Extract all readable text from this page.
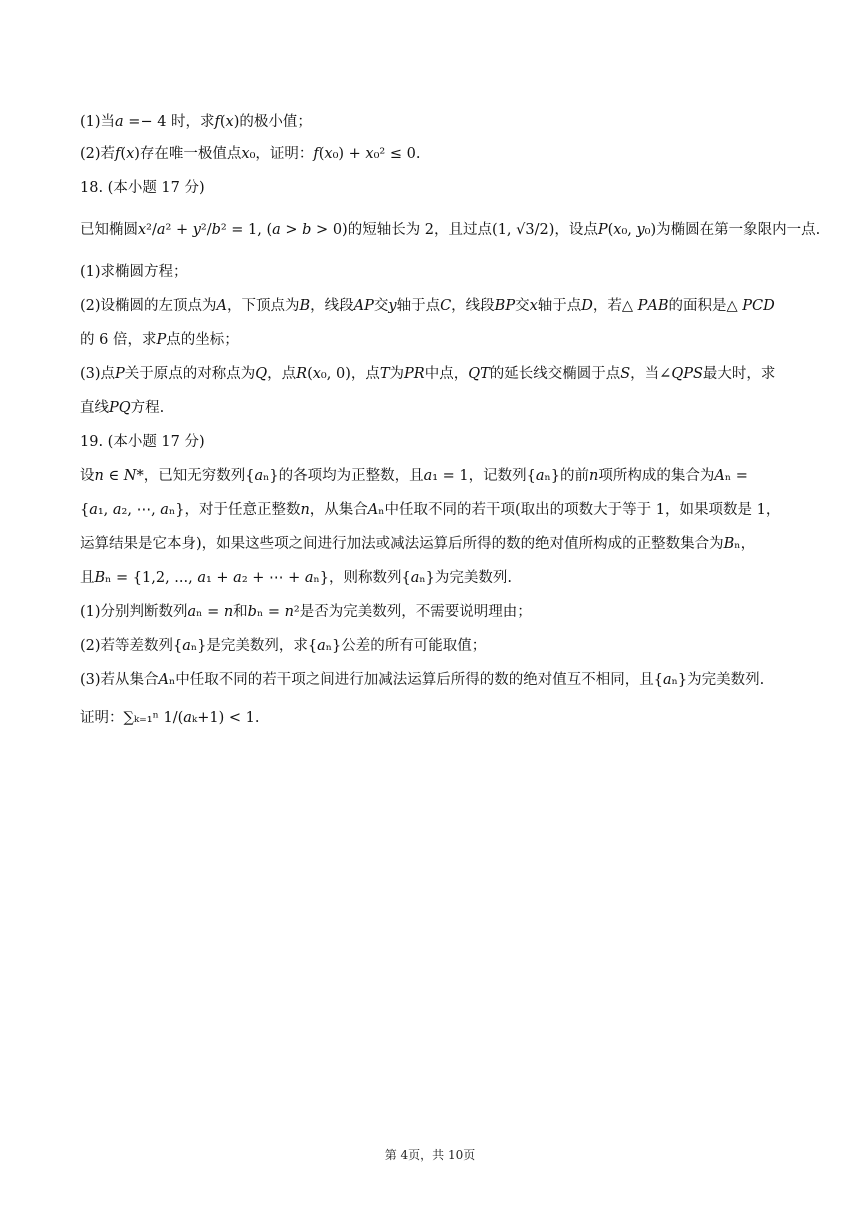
(1)当𝑎 =− 4 时，求𝑓(𝑥)的极小值；
(2)若𝑓(𝑥)存在唯一极值点𝑥₀，证明：𝑓(𝑥₀) + 𝑥₀² ≤ 0.
18. (本小题 17 分)
已知椭圆𝑥²/𝑎² + 𝑦²/𝑏² = 1, (𝑎 > 𝑏 > 0)的短轴长为 2，且过点(1, √3/2)，设点𝑃(𝑥₀, 𝑦₀)为椭圆在第一象限内一点.
(1)求椭圆方程；
(2)设椭圆的左顶点为𝐴，下顶点为𝐵，线段𝐴𝑃交𝑦轴于点𝐶，线段𝐵𝑃交𝑥轴于点𝐷，若△ 𝑃𝐴𝐵的面积是△ 𝑃𝐶𝐷
的 6 倍，求𝑃点的坐标；
(3)点𝑃关于原点的对称点为𝑄，点𝑅(𝑥₀, 0)，点𝑇为𝑃𝑅中点，𝑄𝑇的延长线交椭圆于点𝑆，当∠𝑄𝑃𝑆最大时，求
直线𝑃𝑄方程.
19. (本小题 17 分)
设𝑛 ∈ 𝑁*，已知无穷数列{𝑎ₙ}的各项均为正整数，且𝑎₁ = 1，记数列{𝑎ₙ}的前𝑛项所构成的集合为𝐴ₙ =
{𝑎₁, 𝑎₂, ⋯, 𝑎ₙ}，对于任意正整数𝑛，从集合𝐴ₙ中任取不同的若干项(取出的项数大于等于 1，如果项数是 1，
运算结果是它本身)，如果这些项之间进行加法或减法运算后所得的数的绝对值所构成的正整数集合为𝐵ₙ，
且𝐵ₙ = {1,2, ..., 𝑎₁ + 𝑎₂ + ⋯ + 𝑎ₙ}，则称数列{𝑎ₙ}为完美数列.
(1)分别判断数列𝑎ₙ = 𝑛和𝑏ₙ = 𝑛²是否为完美数列，不需要说明理由；
(2)若等差数列{𝑎ₙ}是完美数列，求{𝑎ₙ}公差的所有可能取值；
(3)若从集合𝐴ₙ中任取不同的若干项之间进行加减法运算后所得的数的绝对值互不相同，且{𝑎ₙ}为完美数列.
证明：∑ₖ₌₁ⁿ 1/(𝑎ₖ+1) < 1.
第 4页，共 10页
